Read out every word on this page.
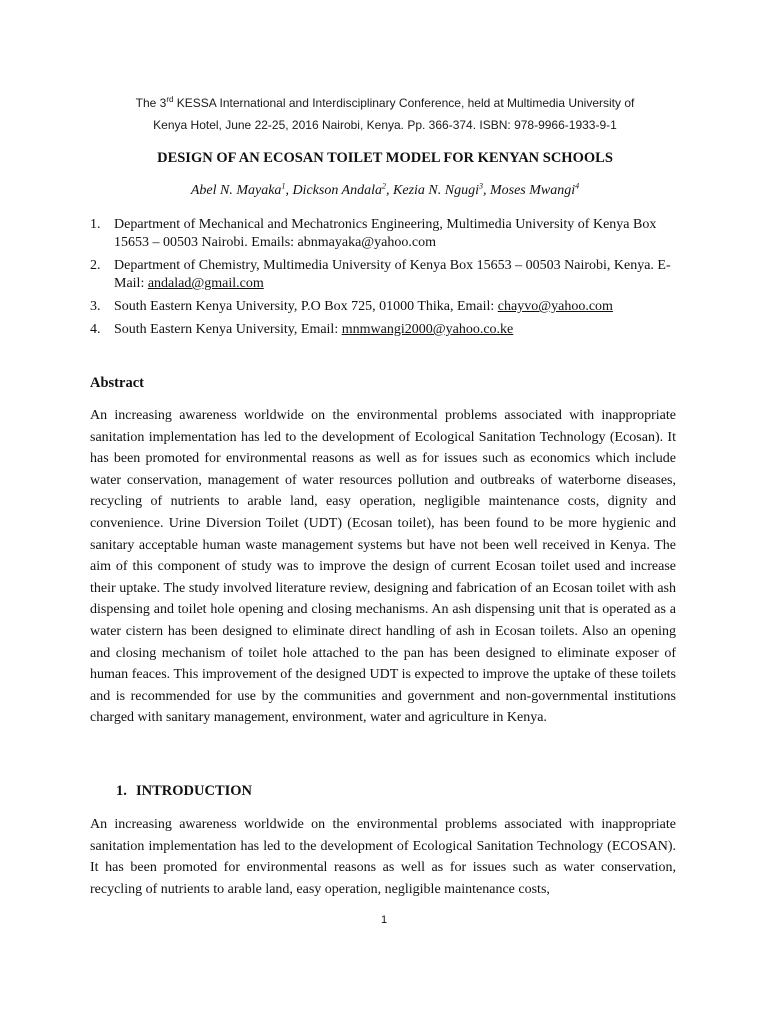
The 3rd KESSA International and Interdisciplinary Conference, held at Multimedia University of
Kenya Hotel, June 22-25, 2016 Nairobi, Kenya. Pp. 366-374. ISBN: 978-9966-1933-9-1
DESIGN OF AN ECOSAN TOILET MODEL FOR KENYAN SCHOOLS
Abel N. Mayaka$^1$, Dickson Andala$^2$, Kezia N. Ngugi$^3$, Moses Mwangi$^4$
1. Department of Mechanical and Mechatronics Engineering, Multimedia University of Kenya Box 15653 – 00503 Nairobi. Emails: abnmayaka@yahoo.com
2. Department of Chemistry, Multimedia University of Kenya Box 15653 – 00503 Nairobi, Kenya. E-Mail: andalad@gmail.com
3. South Eastern Kenya University, P.O Box 725, 01000 Thika, Email: chayvo@yahoo.com
4. South Eastern Kenya University, Email: mnmwangi2000@yahoo.co.ke
Abstract

An increasing awareness worldwide on the environmental problems associated with inappropriate sanitation implementation has led to the development of Ecological Sanitation Technology (Ecosan). It has been promoted for environmental reasons as well as for issues such as economics which include water conservation, management of water resources pollution and outbreaks of waterborne diseases, recycling of nutrients to arable land, easy operation, negligible maintenance costs, dignity and convenience. Urine Diversion Toilet (UDT) (Ecosan toilet), has been found to be more hygienic and sanitary acceptable human waste management systems but have not been well received in Kenya. The aim of this component of study was to improve the design of current Ecosan toilet used and increase their uptake. The study involved literature review, designing and fabrication of an Ecosan toilet with ash dispensing and toilet hole opening and closing mechanisms. An ash dispensing unit that is operated as a water cistern has been designed to eliminate direct handling of ash in Ecosan toilets. Also an opening and closing mechanism of toilet hole attached to the pan has been designed to eliminate exposer of human feaces. This improvement of the designed UDT is expected to improve the uptake of these toilets and is recommended for use by the communities and government and non-governmental institutions charged with sanitary management, environment, water and agriculture in Kenya.

1. INTRODUCTION

An increasing awareness worldwide on the environmental problems associated with inappropriate sanitation implementation has led to the development of Ecological Sanitation Technology (ECOSAN). It has been promoted for environmental reasons as well as for issues such as water conservation, recycling of nutrients to arable land, easy operation, negligible maintenance costs,

1
